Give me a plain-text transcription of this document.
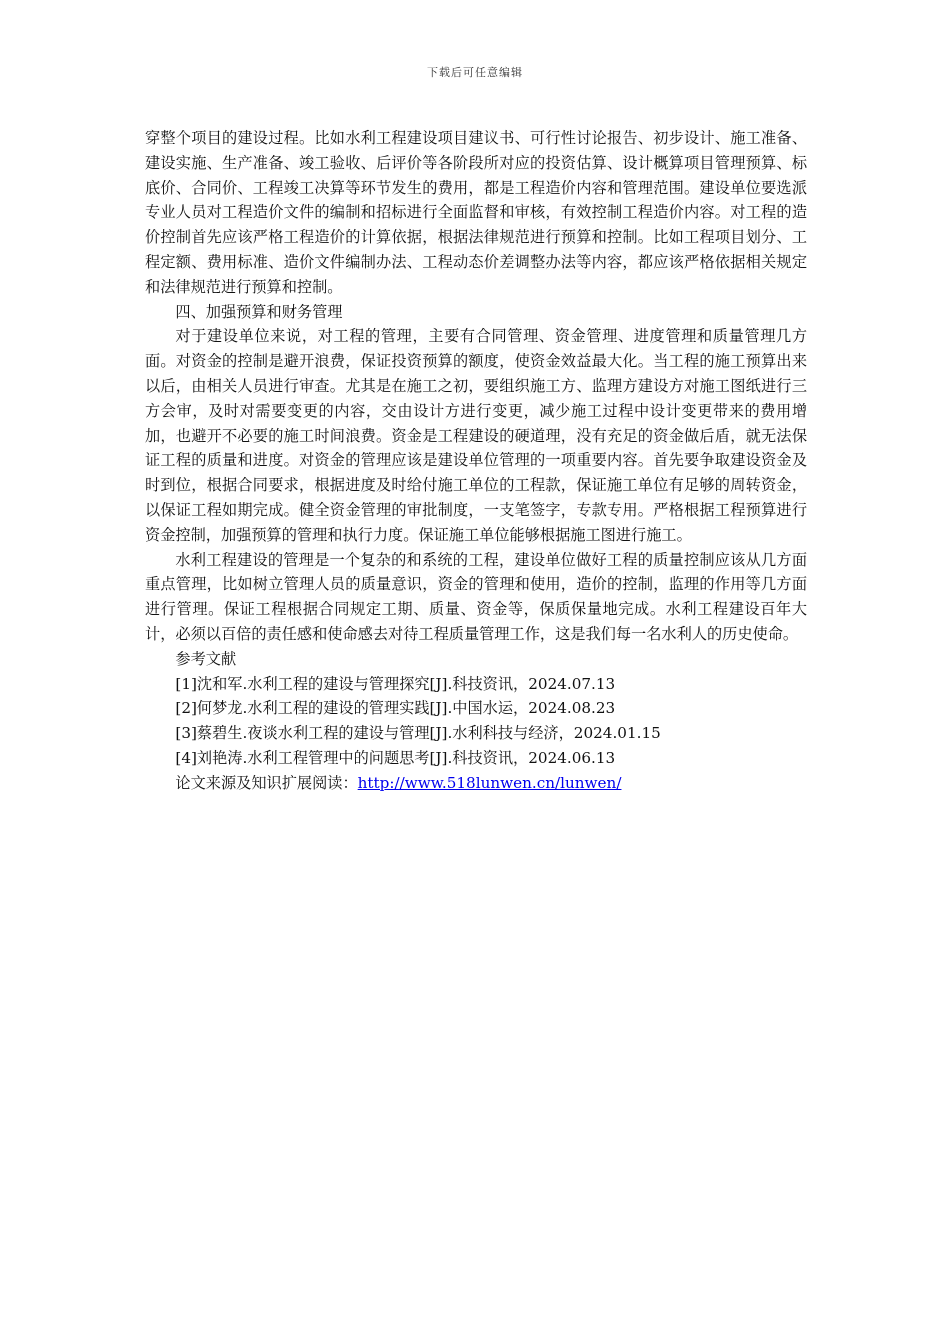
下载后可任意编辑

穿整个项目的建设过程。比如水利工程建设项目建议书、可行性讨论报告、初步设计、施工准备、建设实施、生产准备、竣工验收、后评价等各阶段所对应的投资估算、设计概算项目管理预算、标底价、合同价、工程竣工决算等环节发生的费用，都是工程造价内容和管理范围。建设单位要选派专业人员对工程造价文件的编制和招标进行全面监督和审核，有效控制工程造价内容。对工程的造价控制首先应该严格工程造价的计算依据，根据法律规范进行预算和控制。比如工程项目划分、工程定额、费用标准、造价文件编制办法、工程动态价差调整办法等内容，都应该严格依据相关规定和法律规范进行预算和控制。

四、加强预算和财务管理

对于建设单位来说，对工程的管理，主要有合同管理、资金管理、进度管理和质量管理几方面。对资金的控制是避开浪费，保证投资预算的额度，使资金效益最大化。当工程的施工预算出来以后，由相关人员进行审查。尤其是在施工之初，要组织施工方、监理方建设方对施工图纸进行三方会审，及时对需要变更的内容，交由设计方进行变更，减少施工过程中设计变更带来的费用增加，也避开不必要的施工时间浪费。资金是工程建设的硬道理，没有充足的资金做后盾，就无法保证工程的质量和进度。对资金的管理应该是建设单位管理的一项重要内容。首先要争取建设资金及时到位，根据合同要求，根据进度及时给付施工单位的工程款，保证施工单位有足够的周转资金，以保证工程如期完成。健全资金管理的审批制度，一支笔签字，专款专用。严格根据工程预算进行资金控制，加强预算的管理和执行力度。保证施工单位能够根据施工图进行施工。

水利工程建设的管理是一个复杂的和系统的工程，建设单位做好工程的质量控制应该从几方面重点管理，比如树立管理人员的质量意识，资金的管理和使用，造价的控制，监理的作用等几方面进行管理。保证工程根据合同规定工期、质量、资金等，保质保量地完成。水利工程建设百年大计，必须以百倍的责任感和使命感去对待工程质量管理工作，这是我们每一名水利人的历史使命。

参考文献

[1]沈和军.水利工程的建设与管理探究[J].科技资讯，2024.07.13

[2]何梦龙.水利工程的建设的管理实践[J].中国水运，2024.08.23

[3]蔡碧生.夜谈水利工程的建设与管理[J].水利科技与经济，2024.01.15

[4]刘艳涛.水利工程管理中的问题思考[J].科技资讯，2024.06.13

论文来源及知识扩展阅读：http://www.518lunwen.cn/lunwen/
